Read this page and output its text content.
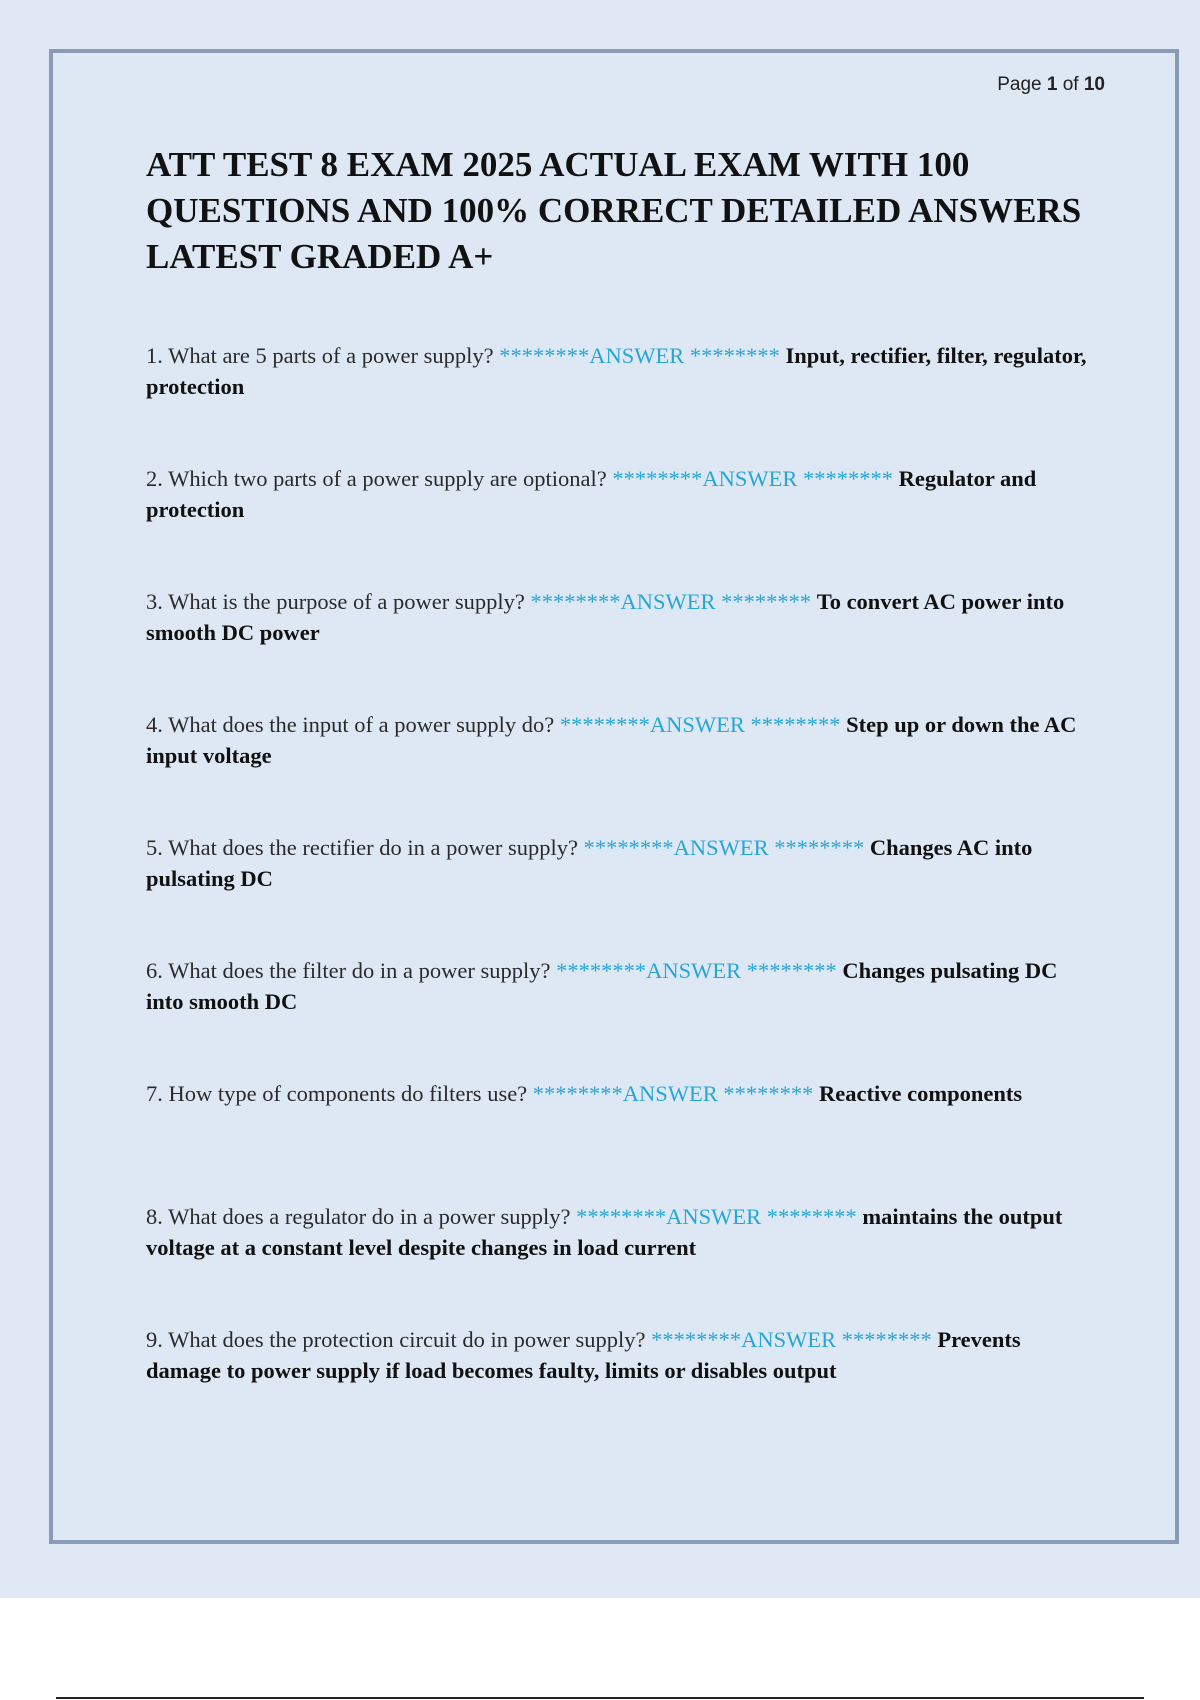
Page 1 of 10
ATT TEST 8 EXAM 2025 ACTUAL EXAM WITH 100 QUESTIONS AND 100% CORRECT DETAILED ANSWERS LATEST GRADED A+
1. What are 5 parts of a power supply? ********ANSWER ******** Input, rectifier, filter, regulator, protection
2. Which two parts of a power supply are optional? ********ANSWER ******** Regulator and protection
3. What is the purpose of a power supply? ********ANSWER ******** To convert AC power into smooth DC power
4. What does the input of a power supply do? ********ANSWER ******** Step up or down the AC input voltage
5. What does the rectifier do in a power supply? ********ANSWER ******** Changes AC into pulsating DC
6. What does the filter do in a power supply? ********ANSWER ******** Changes pulsating DC into smooth DC
7. How type of components do filters use? ********ANSWER ******** Reactive components
8. What does a regulator do in a power supply? ********ANSWER ******** maintains the output voltage at a constant level despite changes in load current
9. What does the protection circuit do in power supply? ********ANSWER ******** Prevents damage to power supply if load becomes faulty, limits or disables output
